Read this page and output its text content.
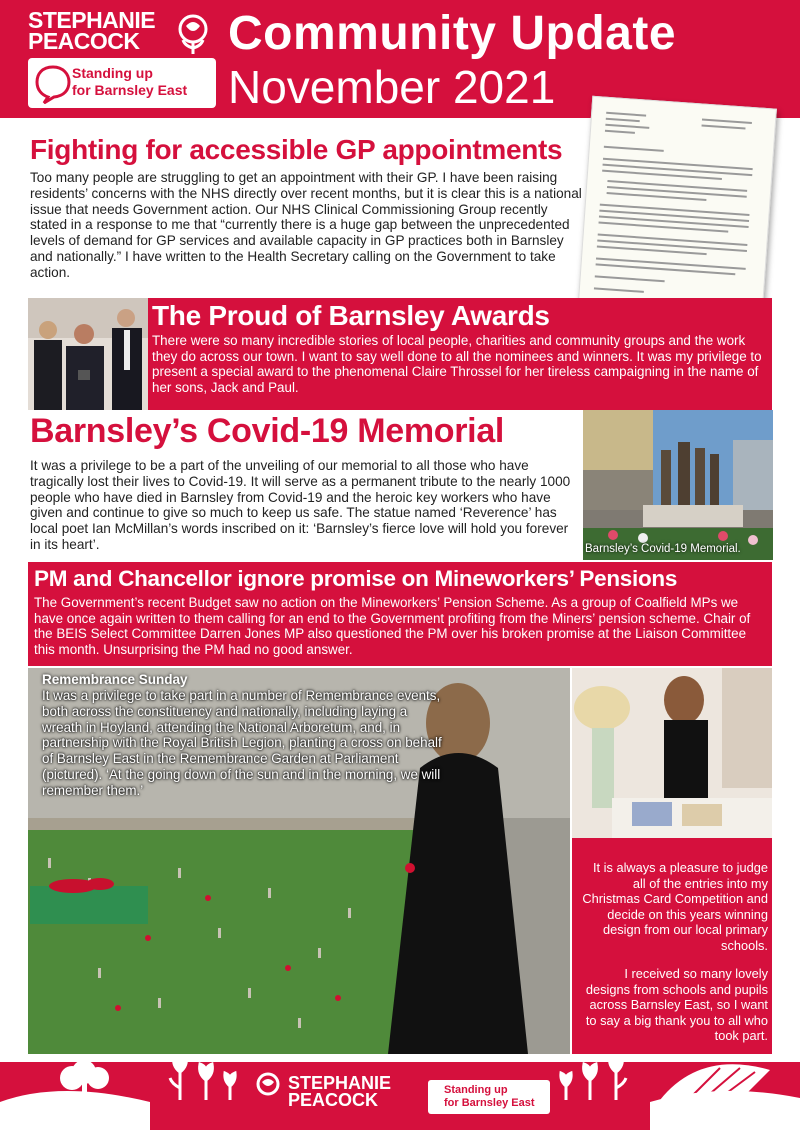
STEPHANIE
PEACOCK
Standing up
for Barnsley East
Community Update
November 2021
Fighting for accessible GP appointments
Too many people are struggling to get an appointment with their GP. I have been raising residents’ concerns with the NHS directly over recent months, but it is clear this is a national issue that needs Government action. Our NHS Clinical Commissioning Group recently stated in a response to me that “currently there is a huge gap between the unprecedented levels of demand for GP services and available capacity in GP practices both in Barnsley and nationally.” I have written to the Health Secretary calling on the Government to take action.
The Proud of Barnsley Awards
There were so many incredible stories of local people, charities and community groups and the work they do across our town. I want to say well done to all the nominees and winners. It was my privilege to present a special award to the phenomenal Claire Throssel for her tireless campaigning in the name of her sons, Jack and Paul.
Barnsley’s Covid-19 Memorial
It was a privilege to be a part of the unveiling of our memorial to all those who have tragically lost their lives to Covid-19. It will serve as a permanent tribute to the nearly 1000 people who have died in Barnsley from Covid-19 and the heroic key workers who have given and continue to give so much to keep us safe. The statue named ‘Reverence’ has local poet Ian McMillan’s words inscribed on it: ‘Barnsley’s fierce love will hold you forever in its heart’.	Barnsley’s Covid-19 Memorial.
PM and Chancellor ignore promise on Mineworkers’ Pensions
The Government’s recent Budget saw no action on the Mineworkers’ Pension Scheme. As a group of Coalfield MPs we have once again written to them calling for an end to the Government profiting from the Miners’ pension scheme. Chair of the BEIS Select Committee Darren Jones MP also questioned the PM over his broken promise at the Liaison Committee this month. Unsurprising the PM had no good answer.
Remembrance Sunday
It was a privilege to take part in a number of Remembrance events, both across the constituency and nationally, including laying a wreath in Hoyland, attending the National Arboretum, and, in partnership with the Royal British Legion, planting a cross on behalf of Barnsley East in the Remembrance Garden at Parliament (pictured). ‘At the going down of the sun and in the morning, we will remember them.’
It is always a pleasure to judge all of the entries into my Christmas Card Competition and decide on this years winning design from our local primary schools.
I received so many lovely designs from schools and pupils across Barnsley East, so I want to say a big thank you to all who took part.
STEPHANIE
PEACOCK	Standing up
for Barnsley East
